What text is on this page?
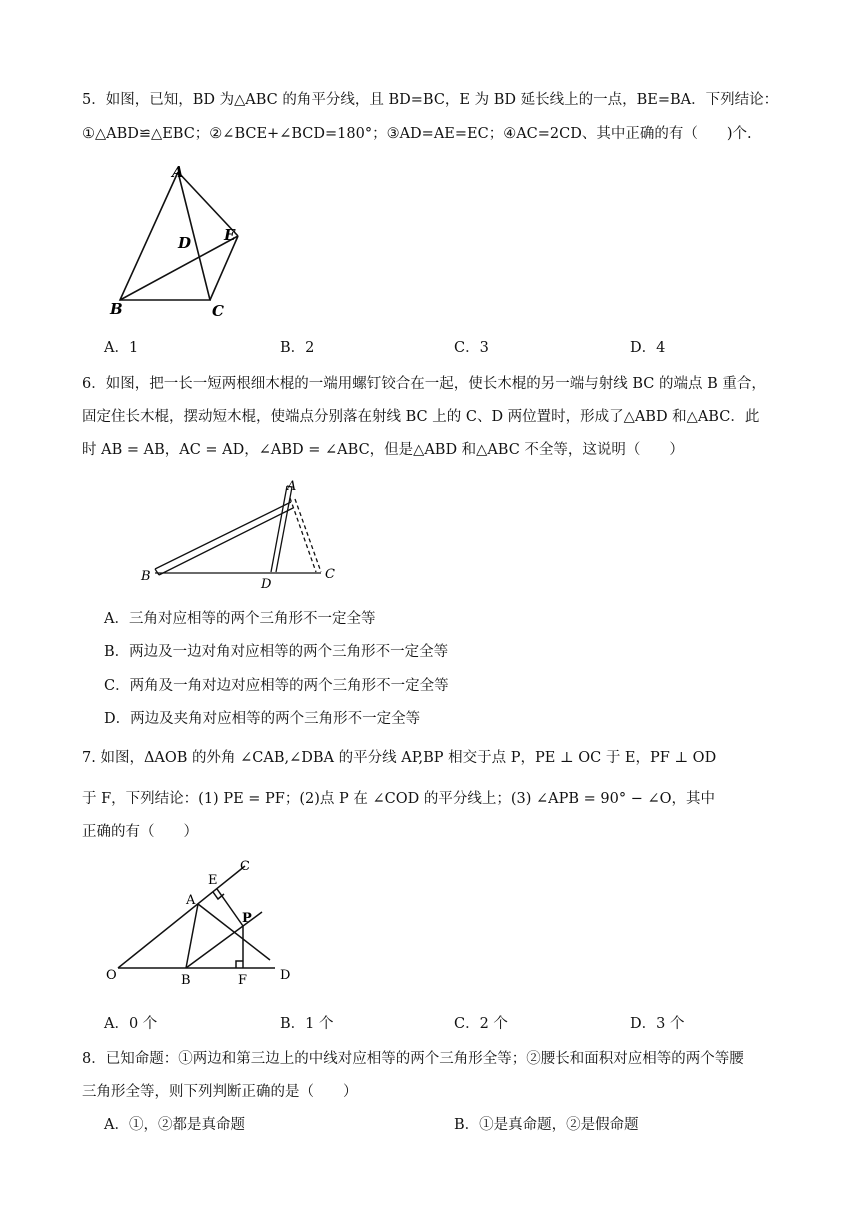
5．如图，已知，BD 为△ABC 的角平分线，且 BD=BC，E 为 BD 延长线上的一点，BE=BA．下列结论：
①△ABD≌△EBC；②∠BCE+∠BCD=180°；③AD=AE=EC；④AC=2CD、其中正确的有（　　)个.
A
B	C
D E
A．1	B．2	C．3	D．4
6．如图，把一长一短两根细木棍的一端用螺钉铰合在一起，使长木棍的另一端与射线 BC 的端点 B 重合，
固定住长木棍，摆动短木棍，使端点分别落在射线 BC 上的 C、D 两位置时，形成了△ABD 和△ABC．此
时 AB = AB，AC = AD，∠ABD = ∠ABC，但是△ABD 和△ABC 不全等，这说明（　　）
A
B
D
C
A．三角对应相等的两个三角形不一定全等
B．两边及一边对角对应相等的两个三角形不一定全等
C．两角及一角对边对应相等的两个三角形不一定全等
D．两边及夹角对应相等的两个三角形不一定全等
7. 如图，ΔAOB 的外角 ∠CAB,∠DBA 的平分线 AP,BP 相交于点 P，PE ⊥ OC 于 E，PF ⊥ OD
于 F，下列结论：(1) PE = PF；(2)点 P 在 ∠COD 的平分线上；(3) ∠APB = 90° − ∠O，其中
正确的有（　　）
O
A
B
C
D
E
F
P
A．0 个	B．1 个	C．2 个	D．3 个
8．已知命题：①两边和第三边上的中线对应相等的两个三角形全等；②腰长和面积对应相等的两个等腰
三角形全等，则下列判断正确的是（　　）
A．①，②都是真命题	B．①是真命题，②是假命题
